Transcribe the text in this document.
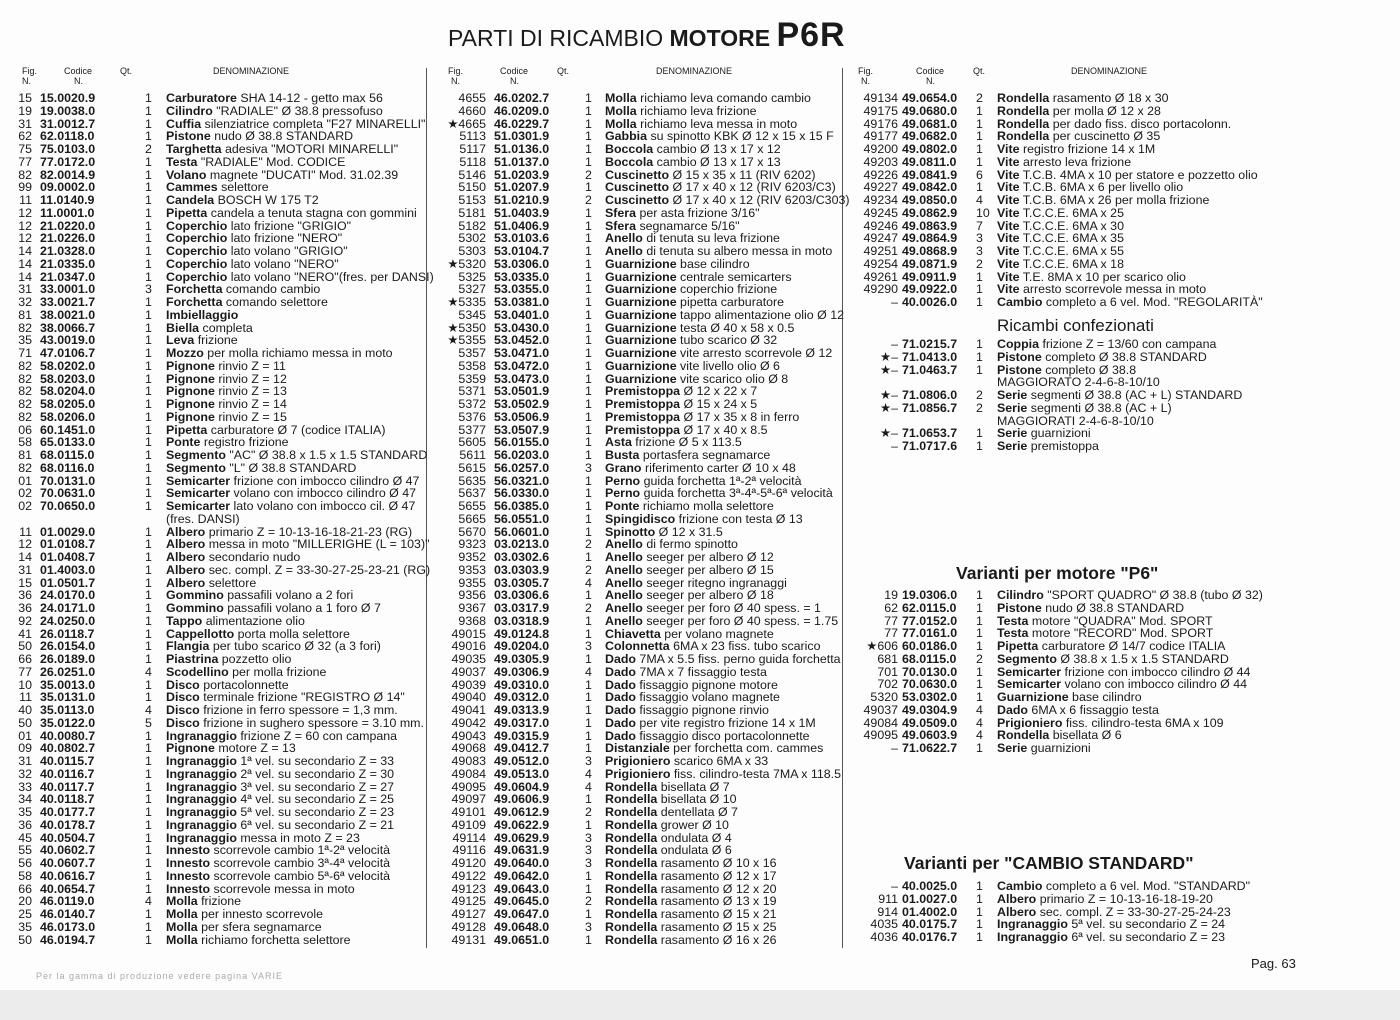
PARTI DI RICAMBIO MOTORE P6R
Fig.
N.
Codice
N.
Qt.	DENOMINAZIONE
15 15.0020.9	1 Carburatore SHA 14-12 - getto max 56
19 19.0038.0	1 Cilindro "RADIALE" Ø 38.8 pressofuso
31 31.0012.7	1 Cuffia silenziatrice completa "F27 MINARELLI"
62 62.0118.0	1 Pistone nudo Ø 38.8 STANDARD
75 75.0103.0	2 Targhetta adesiva "MOTORI MINARELLI"
77 77.0172.0	1 Testa "RADIALE" Mod. CODICE
82 82.0014.9	1 Volano magnete "DUCATI" Mod. 31.02.39
99 09.0002.0	1 Cammes selettore
11 11.0140.9	1 Candela BOSCH W 175 T2
12 11.0001.0	1 Pipetta candela a tenuta stagna con gommini
12 21.0220.0	1 Coperchio lato frizione "GRIGIO"
12 21.0226.0	1 Coperchio lato frizione "NERO"
14 21.0328.0	1 Coperchio lato volano "GRIGIO"
14 21.0335.0	1 Coperchio lato volano "NERO"
14 21.0347.0	1 Coperchio lato volano "NERO"(fres. per DANSI)
31 33.0001.0	3 Forchetta comando cambio
32 33.0021.7	1 Forchetta comando selettore
81 38.0021.0	1 Imbiellaggio
82 38.0066.7	1 Biella completa
35 43.0019.0	1 Leva frizione
71 47.0106.7	1 Mozzo per molla richiamo messa in moto
82 58.0202.0	1 Pignone rinvio Z = 11
82 58.0203.0	1 Pignone rinvio Z = 12
82 58.0204.0	1 Pignone rinvio Z = 13
82 58.0205.0	1 Pignone rinvio Z = 14
82 58.0206.0	1 Pignone rinvio Z = 15
06 60.1451.0	1 Pipetta carburatore Ø 7 (codice ITALIA)
58 65.0133.0	1 Ponte registro frizione
81 68.0115.0	1 Segmento "AC" Ø 38.8 x 1.5 x 1.5 STANDARD
82 68.0116.0	1 Segmento "L" Ø 38.8 STANDARD
01 70.0131.0	1 Semicarter frizione con imbocco cilindro Ø 47
02 70.0631.0	1 Semicarter volano con imbocco cilindro Ø 47
02 70.0650.0	1 Semicarter lato volano con imbocco cil. Ø 47
(fres. DANSI)
11 01.0029.0	1 Albero primario Z = 10-13-16-18-21-23 (RG)
12 01.0108.7	1 Albero messa in moto "MILLERIGHE (L = 103)"
14 01.0408.7	1 Albero secondario nudo
31 01.4003.0	1 Albero sec. compl. Z = 33-30-27-25-23-21 (RG)
15 01.0501.7	1 Albero selettore
36 24.0170.0	1 Gommino passafili volano a 2 fori
36 24.0171.0	1 Gommino passafili volano a 1 foro Ø 7
92 24.0250.0	1 Tappo alimentazione olio
41 26.0118.7	1 Cappellotto porta molla selettore
50 26.0154.0	1 Flangia per tubo scarico Ø 32 (a 3 fori)
66 26.0189.0	1 Piastrina pozzetto olio
77 26.0251.0	4 Scodellino per molla frizione
10 35.0013.0	1 Disco portacolonnette
11 35.0131.0	1 Disco terminale frizione "REGISTRO Ø 14"
40 35.0113.0	4 Disco frizione in ferro spessore = 1,3 mm.
50 35.0122.0	5 Disco frizione in sughero spessore = 3.10 mm.
01 40.0080.7	1 Ingranaggio frizione Z = 60 con campana
09 40.0802.7	1 Pignone motore Z = 13
31 40.0115.7	1 Ingranaggio 1ª vel. su secondario Z = 33
32 40.0116.7	1 Ingranaggio 2ª vel. su secondario Z = 30
33 40.0117.7	1 Ingranaggio 3ª vel. su secondario Z = 27
34 40.0118.7	1 Ingranaggio 4ª vel. su secondario Z = 25
35 40.0177.7	1 Ingranaggio 5ª vel. su secondario Z = 23
36 40.0178.7	1 Ingranaggio 6ª vel. su secondario Z = 21
45 40.0504.7	1 Ingranaggio messa in moto Z = 23
55 40.0602.7	1 Innesto scorrevole cambio 1ª-2ª velocità
56 40.0607.7	1 Innesto scorrevole cambio 3ª-4ª velocità
58 40.0616.7	1 Innesto scorrevole cambio 5ª-6ª velocità
66 40.0654.7	1 Innesto scorrevole messa in moto
20 46.0119.0	4 Molla frizione
25 46.0140.7	1 Molla per innesto scorrevole
35 46.0173.0	1 Molla per sfera segnamarce
50 46.0194.7	1 Molla richiamo forchetta selettore
Fig.
N.
Codice
N.
Qt.	DENOMINAZIONE
4655 46.0202.7	1 Molla richiamo leva comando cambio
4660 46.0209.0	1 Molla richiamo leva frizione
★4665 46.0229.7	1 Molla richiamo leva messa in moto
5113 51.0301.9	1 Gabbia su spinotto KBK Ø 12 x 15 x 15 F
5117 51.0136.0	1 Boccola cambio Ø 13 x 17 x 12
5118 51.0137.0	1 Boccola cambio Ø 13 x 17 x 13
5146 51.0203.9	2 Cuscinetto Ø 15 x 35 x 11 (RIV 6202)
5150 51.0207.9	1 Cuscinetto Ø 17 x 40 x 12 (RIV 6203/C3)
5153 51.0210.9	2 Cuscinetto Ø 17 x 40 x 12 (RIV 6203/C303)
5181 51.0403.9	1 Sfera per asta frizione 3/16"
5182 51.0406.9	1 Sfera segnamarce 5/16"
5302 53.0103.6	1 Anello di tenuta su leva frizione
5303 53.0104.7	1 Anello di tenuta su albero messa in moto
★5320 53.0306.0	1 Guarnizione base cilindro
5325 53.0335.0	1 Guarnizione centrale semicarters
5327 53.0355.0	1 Guarnizione coperchio frizione
★5335 53.0381.0	1 Guarnizione pipetta carburatore
5345 53.0401.0	1 Guarnizione tappo alimentazione olio Ø 12
★5350 53.0430.0	1 Guarnizione testa Ø 40 x 58 x 0.5
★5355 53.0452.0	1 Guarnizione tubo scarico Ø 32
5357 53.0471.0	1 Guarnizione vite arresto scorrevole Ø 12
5358 53.0472.0	1 Guarnizione vite livello olio Ø 6
5359 53.0473.0	1 Guarnizione vite scarico olio Ø 8
5371 53.0501.9	1 Premistoppa Ø 12 x 22 x 7
5372 53.0502.9	1 Premistoppa Ø 15 x 24 x 5
5376 53.0506.9	1 Premistoppa Ø 17 x 35 x 8 in ferro
5377 53.0507.9	1 Premistoppa Ø 17 x 40 x 8.5
5605 56.0155.0	1 Asta frizione Ø 5 x 113.5
5611 56.0203.0	1 Busta portasfera segnamarce
5615 56.0257.0	3 Grano riferimento carter Ø 10 x 48
5635 56.0321.0	1 Perno guida forchetta 1ª-2ª velocità
5637 56.0330.0	1 Perno guida forchetta 3ª-4ª-5ª-6ª velocità
5655 56.0385.0	1 Ponte richiamo molla selettore
5665 56.0551.0	1 Spingidisco frizione con testa Ø 13
5670 56.0601.0	1 Spinotto Ø 12 x 31.5
9323 03.0213.0	2 Anello di fermo spinotto
9352 03.0302.6	1 Anello seeger per albero Ø 12
9353 03.0303.9	2 Anello seeger per albero Ø 15
9355 03.0305.7	4 Anello seeger ritegno ingranaggi
9356 03.0306.6	1 Anello seeger per albero Ø 18
9367 03.0317.9	2 Anello seeger per foro Ø 40 spess. = 1
9368 03.0318.9	1 Anello seeger per foro Ø 40 spess. = 1.75
49015 49.0124.8	1 Chiavetta per volano magnete
49016 49.0204.0	3 Colonnetta 6MA x 23 fiss. tubo scarico
49035 49.0305.9	1 Dado 7MA x 5.5 fiss. perno guida forchetta
49037 49.0306.9	4 Dado 7MA x 7 fissaggio testa
49039 49.0310.0	1 Dado fissaggio pignone motore
49040 49.0312.0	1 Dado fissaggio volano magnete
49041 49.0313.9	1 Dado fissaggio pignone rinvio
49042 49.0317.0	1 Dado per vite registro frizione 14 x 1M
49043 49.0315.9	1 Dado fissaggio disco portacolonnette
49068 49.0412.7	1 Distanziale per forchetta com. cammes
49083 49.0512.0	3 Prigioniero scarico 6MA x 33
49084 49.0513.0	4 Prigioniero fiss. cilindro-testa 7MA x 118.5
49095 49.0604.9	4 Rondella bisellata Ø 7
49097 49.0606.9	1 Rondella bisellata Ø 10
49101 49.0612.9	2 Rondella dentellata Ø 7
49109 49.0622.9	1 Rondella grower Ø 10
49114 49.0629.9	3 Rondella ondulata Ø 4
49116 49.0631.9	3 Rondella ondulata Ø 6
49120 49.0640.0	3 Rondella rasamento Ø 10 x 16
49122 49.0642.0	1 Rondella rasamento Ø 12 x 17
49123 49.0643.0	1 Rondella rasamento Ø 12 x 20
49125 49.0645.0	2 Rondella rasamento Ø 13 x 19
49127 49.0647.0	1 Rondella rasamento Ø 15 x 21
49128 49.0648.0	3 Rondella rasamento Ø 15 x 25
49131 49.0651.0	1 Rondella rasamento Ø 16 x 26
Fig.
N.
Codice
N.
Qt.	DENOMINAZIONE
49134 49.0654.0 2 Rondella rasamento Ø 18 x 30
49175 49.0680.0 1 Rondella per molla Ø 12 x 28
49176 49.0681.0 1 Rondella per dado fiss. disco portacolonn.
49177 49.0682.0 1 Rondella per cuscinetto Ø 35
49200 49.0802.0 1 Vite registro frizione 14 x 1M
49203 49.0811.0 1 Vite arresto leva frizione
49226 49.0841.9 6 Vite T.C.B. 4MA x 10 per statore e pozzetto olio
49227 49.0842.0 1 Vite T.C.B. 6MA x 6 per livello olio
49234 49.0850.0 4 Vite T.C.B. 6MA x 26 per molla frizione
49245 49.0862.9 10 Vite T.C.C.E. 6MA x 25
49246 49.0863.9 7 Vite T.C.C.E. 6MA x 30
49247 49.0864.9 3 Vite T.C.C.E. 6MA x 35
49251 49.0868.9 3 Vite T.C.C.E. 6MA x 55
49254 49.0871.9 2 Vite T.C.C.E. 6MA x 18
49261 49.0911.9 1 Vite T.E. 8MA x 10 per scarico olio
49290 49.0922.0 1 Vite arresto scorrevole messa in moto
– 40.0026.0 1 Cambio completo a 6 vel. Mod. "REGOLARITÀ"
Ricambi confezionati
– 71.0215.7 1 Coppia frizione Z = 13/60 con campana
★– 71.0413.0 1 Pistone completo Ø 38.8 STANDARD
★– 71.0463.7 1 Pistone completo Ø 38.8
MAGGIORATO 2-4-6-8-10/10
★– 71.0806.0 2 Serie segmenti Ø 38.8 (AC + L) STANDARD
★– 71.0856.7 2 Serie segmenti Ø 38.8 (AC + L)
MAGGIORATI 2-4-6-8-10/10
★– 71.0653.7 1 Serie guarnizioni
– 71.0717.6 1 Serie premistoppa
Varianti per motore "P6"
19 19.0306.0 1 Cilindro "SPORT QUADRO" Ø 38.8 (tubo Ø 32)
62 62.0115.0 1 Pistone nudo Ø 38.8 STANDARD
77 77.0152.0 1 Testa motore "QUADRA" Mod. SPORT
77 77.0161.0 1 Testa motore "RECORD" Mod. SPORT
★606 60.0186.0 1 Pipetta carburatore Ø 14/7 codice ITALIA
681 68.0115.0 2 Segmento Ø 38.8 x 1.5 x 1.5 STANDARD
701 70.0130.0 1 Semicarter frizione con imbocco cilindro Ø 44
702 70.0630.0 1 Semicarter volano con imbocco cilindro Ø 44
5320 53.0302.0 1 Guarnizione base cilindro
49037 49.0304.9 4 Dado 6MA x 6 fissaggio testa
49084 49.0509.0 4 Prigioniero fiss. cilindro-testa 6MA x 109
49095 49.0603.9 4 Rondella bisellata Ø 6
– 71.0622.7 1 Serie guarnizioni
Varianti per "CAMBIO STANDARD"
– 40.0025.0 1 Cambio completo a 6 vel. Mod. "STANDARD"
911 01.0027.0 1 Albero primario Z = 10-13-16-18-19-20
914 01.4002.0 1 Albero sec. compl. Z = 33-30-27-25-24-23
4035 40.0175.7 1 Ingranaggio 5ª vel. su secondario Z = 24
4036 40.0176.7 1 Ingranaggio 6ª vel. su secondario Z = 23
Pag. 63
Per la gamma di produzione vedere pagina VARIE
